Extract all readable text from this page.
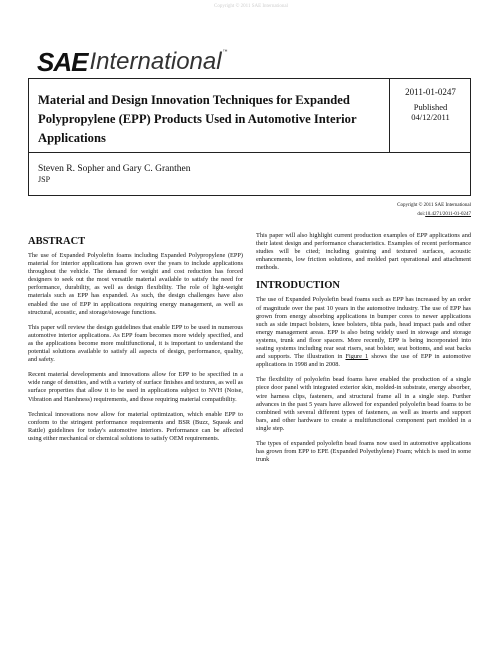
Copyright © 2011 SAE International
SAE International ™
Material and Design Innovation Techniques for Expanded Polypropylene (EPP) Products Used in Automotive Interior Applications
2011-01-0247
Published
04/12/2011
Steven R. Sopher and Gary C. Granthen
JSP
Copyright © 2011 SAE International
doi:10.4271/2011-01-0247
ABSTRACT

The use of Expanded Polyolefin foams including Expanded Polypropylene (EPP) material for interior applications has grown over the years to include applications throughout the vehicle. The demand for weight and cost reduction has forced designers to seek out the most versatile material available to satisfy the need for performance, durability, as well as design flexibility. The role of light-weight materials such as EPP has expanded. As such, the design challenges have also enabled the use of EPP in applications requiring energy management, as well as structural, acoustic, and storage/stowage functions.

This paper will review the design guidelines that enable EPP to be used in numerous automotive interior applications. As EPP foam becomes more widely specified, and as the applications become more multifunctional, it is important to understand the potential solutions available to satisfy all aspects of design, performance, quality, and safety.

Recent material developments and innovations allow for EPP to be specified in a wide range of densities, and with a variety of surface finishes and textures, as well as surface properties that allow it to be used in applications subject to NVH (Noise, Vibration and Harshness) requirements, and those requiring material compatibility.

Technical innovations now allow for material optimization, which enable EPP to conform to the stringent performance requirements and BSR (Buzz, Squeak and Rattle) guidelines for today's automotive interiors. Performance can be affected using either mechanical or chemical solutions to satisfy OEM requirements.

This paper will also highlight current production examples of EPP applications and their latest design and performance characteristics. Examples of recent performance studies will be cited; including graining and textured surfaces, acoustic enhancements, low friction solutions, and molded part operational and attachment methods.

INTRODUCTION

The use of Expanded Polyolefin bead foams such as EPP has increased by an order of magnitude over the past 10 years in the automotive industry. The use of EPP has grown from energy absorbing applications in bumper cores to newer applications such as side impact bolsters, knee bolsters, tibia pads, head impact pads and other energy management areas. EPP is also being widely used in stowage and storage systems, trunk and floor spacers. More recently, EPP is being incorporated into seating systems including rear seat risers, seat bolster, seat bottoms, and seat backs and supports. The illustration in Figure 1 shows the use of EPP in automotive applications in 1998 and in 2008.

The flexibility of polyolefin bead foams have enabled the production of a single piece door panel with integrated exterior skin, molded-in substrate, energy absorber, wire harness clips, fasteners, and structural frame all in a single step. Further advances in the past 5 years have allowed for expanded polyolefin bead foams to be combined with several different types of fasteners, as well as inserts and support bars, and other hardware to create a multifunctional component part molded in a single step.

The types of expanded polyolefin bead foams now used in automotive applications has grown from EPP to EPE (Expanded Polyethylene) Foam; which is used in some trunk
